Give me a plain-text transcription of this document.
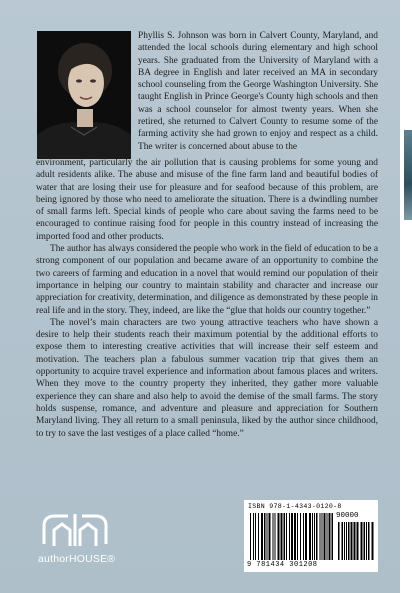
Phyllis S. Johnson was born in Calvert County, Maryland, and attended the local schools during elementary and high school years. She graduated from the University of Maryland with a BA degree in English and later received an MA in secondary school counseling from the George Washington University. She taught English in Prince George's County high schools and then was a school counselor for almost twenty years. When she retired, she returned to Calvert County to resume some of the farming activity she had grown to enjoy and respect as a child. The writer is concerned about abuse to the

environment, particularly the air pollution that is causing problems for some young and adult residents alike. The abuse and misuse of the fine farm land and beautiful bodies of water that are losing their use for pleasure and for seafood because of this problem, are being ignored by those who need to ameliorate the situation. There is a dwindling number of small farms left. Special kinds of people who care about saving the farms need to be encouraged to continue raising food for people in this country instead of increasing the imported food and other products.

The author has always considered the people who work in the field of education to be a strong component of our population and became aware of an opportunity to combine the two careers of farming and education in a novel that would remind our population of their importance in helping our country to maintain stability and character and increase our appreciation for creativity, determination, and diligence as demonstrated by these people in real life and in the story. They, indeed, are like the “glue that holds our country together.”

The novel’s main characters are two young attractive teachers who have shown a desire to help their students reach their maximum potential by the additional efforts to expose them to interesting creative activities that will increase their self esteem and motivation. The teachers plan a fabulous summer vacation trip that gives them an opportunity to acquire travel experience and information about famous places and writers. When they move to the country property they inherited, they gather more valuable experience they can share and also help to avoid the demise of the small farms. The story holds suspense, romance, and adventure and pleasure and appreciation for Southern Maryland living. They all return to a small peninsula, liked by the author since childhood, to try to save the last vestiges of a place called “home.”

authorHOUSE®
ISBN 978-1-4343-0120-8
90000
9 781434 301208
